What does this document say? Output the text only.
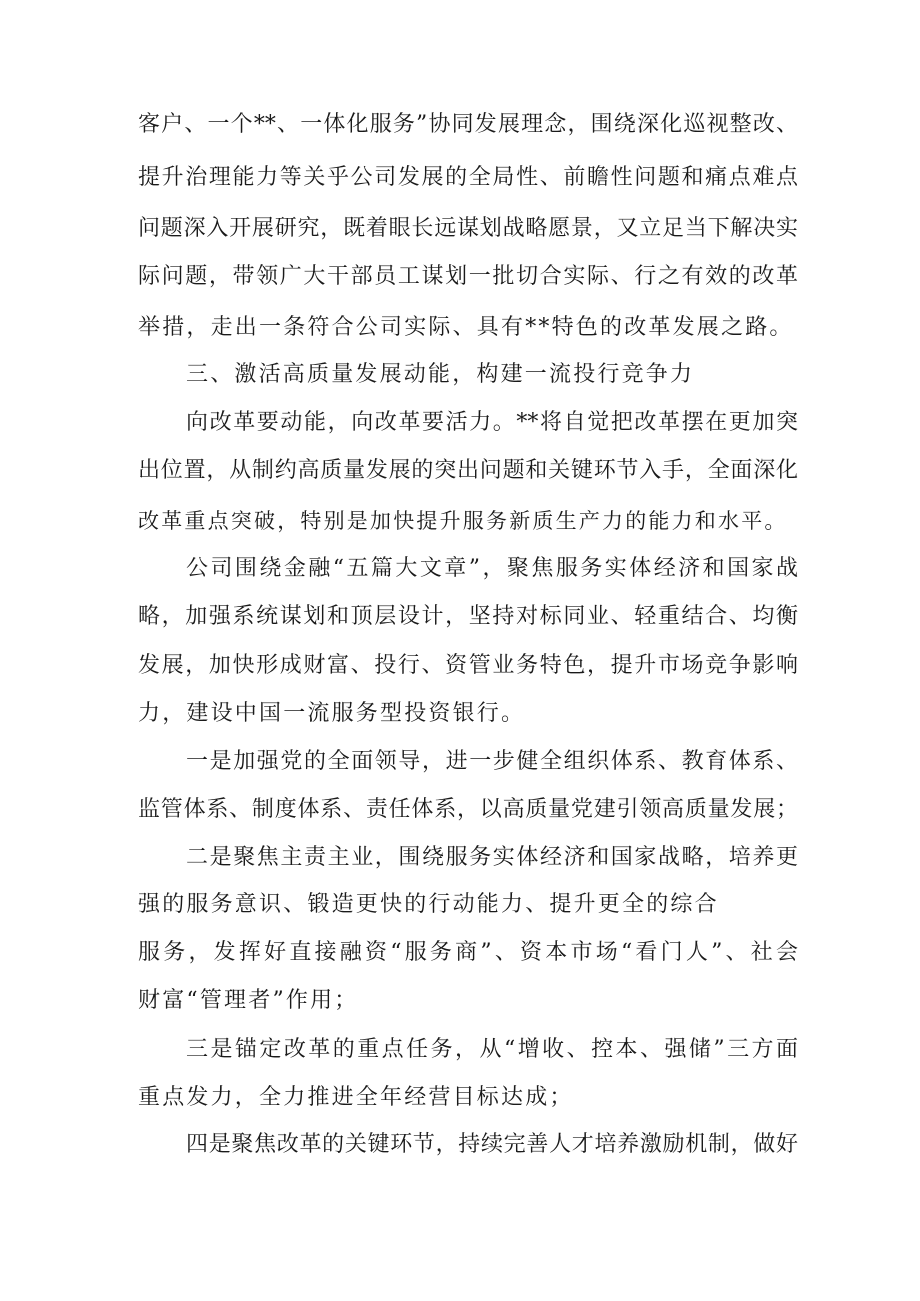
客户、一个**、一体化服务”协同发展理念，围绕深化巡视整改、
提升治理能力等关乎公司发展的全局性、前瞻性问题和痛点难点
问题深入开展研究，既着眼长远谋划战略愿景，又立足当下解决实
际问题，带领广大干部员工谋划一批切合实际、行之有效的改革
举措，走出一条符合公司实际、具有**特色的改革发展之路。
三、激活高质量发展动能，构建一流投行竞争力
向改革要动能，向改革要活力。**将自觉把改革摆在更加突
出位置，从制约高质量发展的突出问题和关键环节入手，全面深化
改革重点突破，特别是加快提升服务新质生产力的能力和水平。
公司围绕金融“五篇大文章”，聚焦服务实体经济和国家战
略，加强系统谋划和顶层设计，坚持对标同业、轻重结合、均衡
发展，加快形成财富、投行、资管业务特色，提升市场竞争影响
力，建设中国一流服务型投资银行。
一是加强党的全面领导，进一步健全组织体系、教育体系、
监管体系、制度体系、责任体系，以高质量党建引领高质量发展；
二是聚焦主责主业，围绕服务实体经济和国家战略，培养更
强的服务意识、锻造更快的行动能力、提升更全的综合
服务，发挥好直接融资“服务商”、资本市场“看门人”、社会
财富“管理者”作用；
三是锚定改革的重点任务，从“增收、控本、强储”三方面
重点发力，全力推进全年经营目标达成；
四是聚焦改革的关键环节，持续完善人才培养激励机制，做好
